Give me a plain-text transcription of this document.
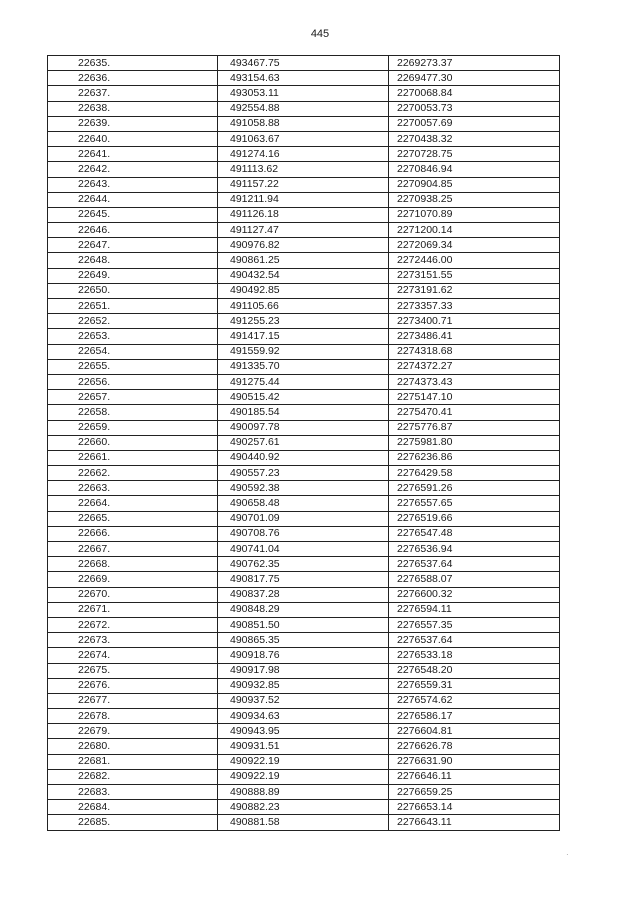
445
22635.	493467.75	2269273.37
22636.	493154.63	2269477.30
22637.	493053.11	2270068.84
22638.	492554.88	2270053.73
22639.	491058.88	2270057.69
22640.	491063.67	2270438.32
22641.	491274.16	2270728.75
22642.	491113.62	2270846.94
22643.	491157.22	2270904.85
22644.	491211.94	2270938.25
22645.	491126.18	2271070.89
22646.	491127.47	2271200.14
22647.	490976.82	2272069.34
22648.	490861.25	2272446.00
22649.	490432.54	2273151.55
22650.	490492.85	2273191.62
22651.	491105.66	2273357.33
22652.	491255.23	2273400.71
22653.	491417.15	2273486.41
22654.	491559.92	2274318.68
22655.	491335.70	2274372.27
22656.	491275.44	2274373.43
22657.	490515.42	2275147.10
22658.	490185.54	2275470.41
22659.	490097.78	2275776.87
22660.	490257.61	2275981.80
22661.	490440.92	2276236.86
22662.	490557.23	2276429.58
22663.	490592.38	2276591.26
22664.	490658.48	2276557.65
22665.	490701.09	2276519.66
22666.	490708.76	2276547.48
22667.	490741.04	2276536.94
22668.	490762.35	2276537.64
22669.	490817.75	2276588.07
22670.	490837.28	2276600.32
22671.	490848.29	2276594.11
22672.	490851.50	2276557.35
22673.	490865.35	2276537.64
22674.	490918.76	2276533.18
22675.	490917.98	2276548.20
22676.	490932.85	2276559.31
22677.	490937.52	2276574.62
22678.	490934.63	2276586.17
22679.	490943.95	2276604.81
22680.	490931.51	2276626.78
22681.	490922.19	2276631.90
22682.	490922.19	2276646.11
22683.	490888.89	2276659.25
22684.	490882.23	2276653.14
22685.	490881.58	2276643.11
·
